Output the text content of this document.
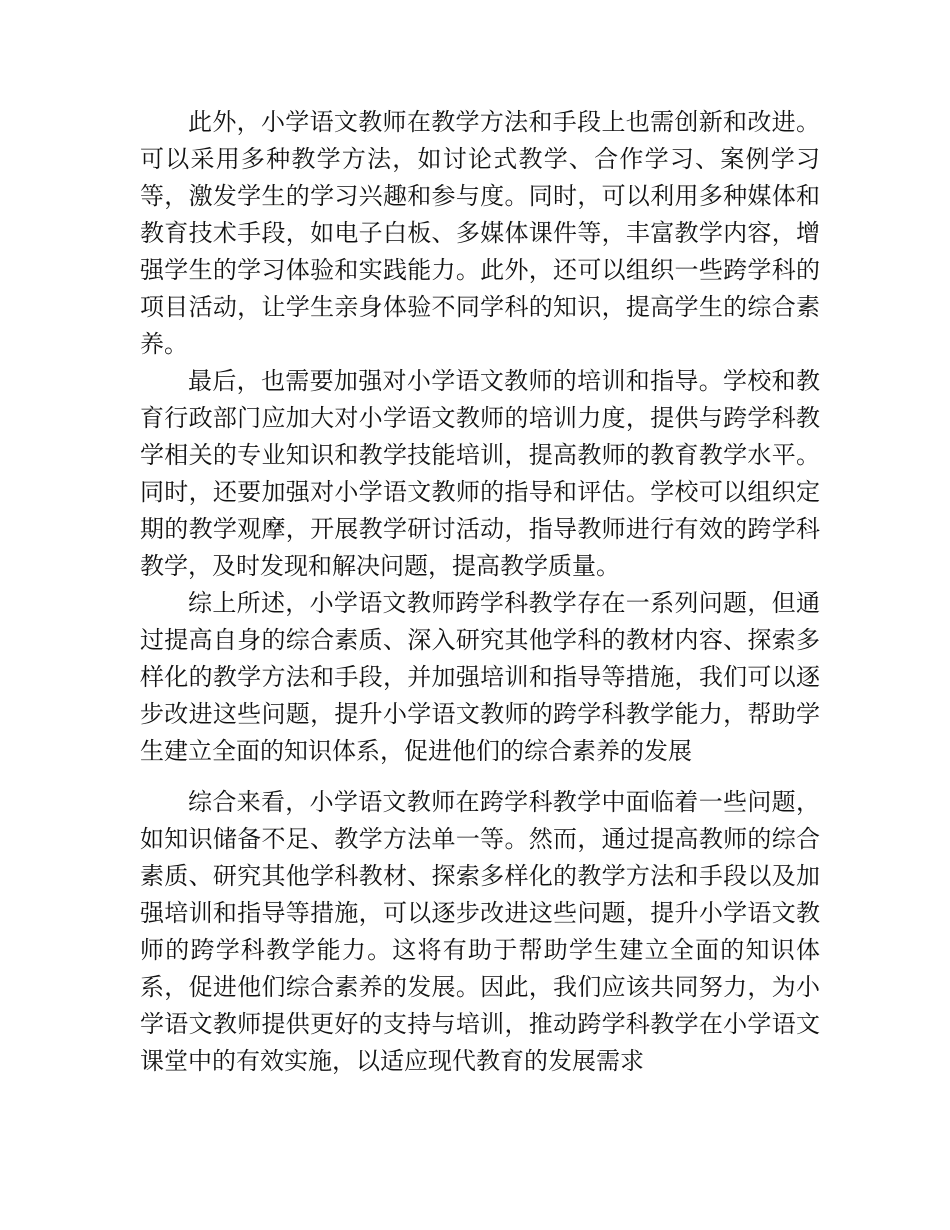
此外，小学语文教师在教学方法和手段上也需创新和改进。可以采用多种教学方法，如讨论式教学、合作学习、案例学习等，激发学生的学习兴趣和参与度。同时，可以利用多种媒体和教育技术手段，如电子白板、多媒体课件等，丰富教学内容，增强学生的学习体验和实践能力。此外，还可以组织一些跨学科的项目活动，让学生亲身体验不同学科的知识，提高学生的综合素养。

最后，也需要加强对小学语文教师的培训和指导。学校和教育行政部门应加大对小学语文教师的培训力度，提供与跨学科教学相关的专业知识和教学技能培训，提高教师的教育教学水平。同时，还要加强对小学语文教师的指导和评估。学校可以组织定期的教学观摩，开展教学研讨活动，指导教师进行有效的跨学科教学，及时发现和解决问题，提高教学质量。

综上所述，小学语文教师跨学科教学存在一系列问题，但通过提高自身的综合素质、深入研究其他学科的教材内容、探索多样化的教学方法和手段，并加强培训和指导等措施，我们可以逐步改进这些问题，提升小学语文教师的跨学科教学能力，帮助学生建立全面的知识体系，促进他们的综合素养的发展

综合来看，小学语文教师在跨学科教学中面临着一些问题，如知识储备不足、教学方法单一等。然而，通过提高教师的综合素质、研究其他学科教材、探索多样化的教学方法和手段以及加强培训和指导等措施，可以逐步改进这些问题，提升小学语文教师的跨学科教学能力。这将有助于帮助学生建立全面的知识体系，促进他们综合素养的发展。因此，我们应该共同努力，为小学语文教师提供更好的支持与培训，推动跨学科教学在小学语文课堂中的有效实施，以适应现代教育的发展需求
